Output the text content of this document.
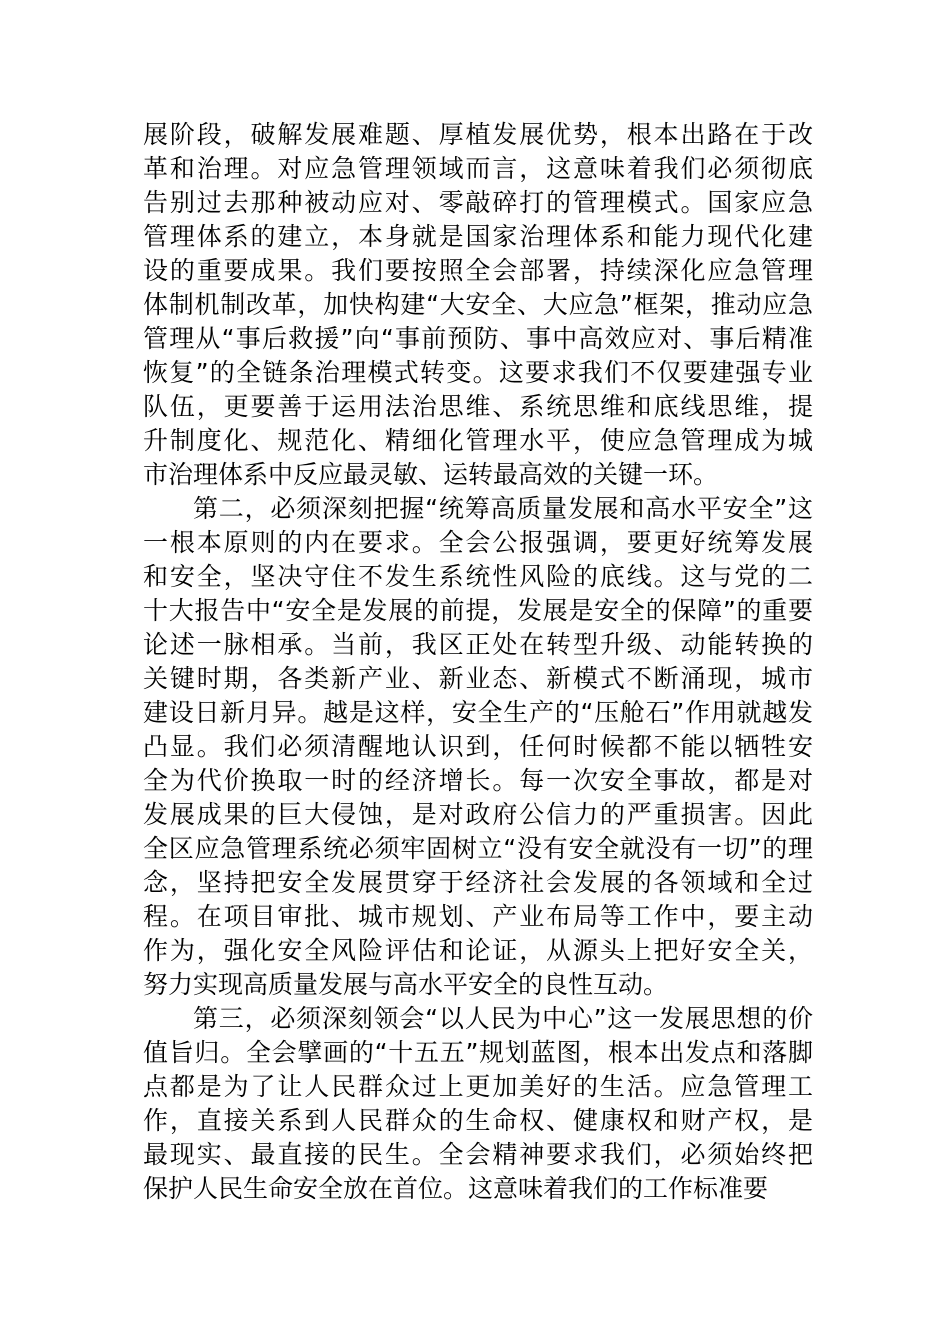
展阶段，破解发展难题、厚植发展优势，根本出路在于改
革和治理。对应急管理领域而言，这意味着我们必须彻底
告别过去那种被动应对、零敲碎打的管理模式。国家应急
管理体系的建立，本身就是国家治理体系和能力现代化建
设的重要成果。我们要按照全会部署，持续深化应急管理
体制机制改革，加快构建“大安全、大应急”框架，推动应急
管理从“事后救援”向“事前预防、事中高效应对、事后精准
恢复”的全链条治理模式转变。这要求我们不仅要建强专业
队伍，更要善于运用法治思维、系统思维和底线思维，提
升制度化、规范化、精细化管理水平，使应急管理成为城
市治理体系中反应最灵敏、运转最高效的关键一环。
第二，必须深刻把握“统筹高质量发展和高水平安全”这
一根本原则的内在要求。全会公报强调，要更好统筹发展
和安全，坚决守住不发生系统性风险的底线。这与党的二
十大报告中“安全是发展的前提，发展是安全的保障”的重要
论述一脉相承。当前，我区正处在转型升级、动能转换的
关键时期，各类新产业、新业态、新模式不断涌现，城市
建设日新月异。越是这样，安全生产的“压舱石”作用就越发
凸显。我们必须清醒地认识到，任何时候都不能以牺牲安
全为代价换取一时的经济增长。每一次安全事故，都是对
发展成果的巨大侵蚀，是对政府公信力的严重损害。因此
全区应急管理系统必须牢固树立“没有安全就没有一切”的理
念，坚持把安全发展贯穿于经济社会发展的各领域和全过
程。在项目审批、城市规划、产业布局等工作中，要主动
作为，强化安全风险评估和论证，从源头上把好安全关，
努力实现高质量发展与高水平安全的良性互动。
第三，必须深刻领会“以人民为中心”这一发展思想的价
值旨归。全会擘画的“十五五”规划蓝图，根本出发点和落脚
点都是为了让人民群众过上更加美好的生活。应急管理工
作，直接关系到人民群众的生命权、健康权和财产权，是
最现实、最直接的民生。全会精神要求我们，必须始终把
保护人民生命安全放在首位。这意味着我们的工作标准要
